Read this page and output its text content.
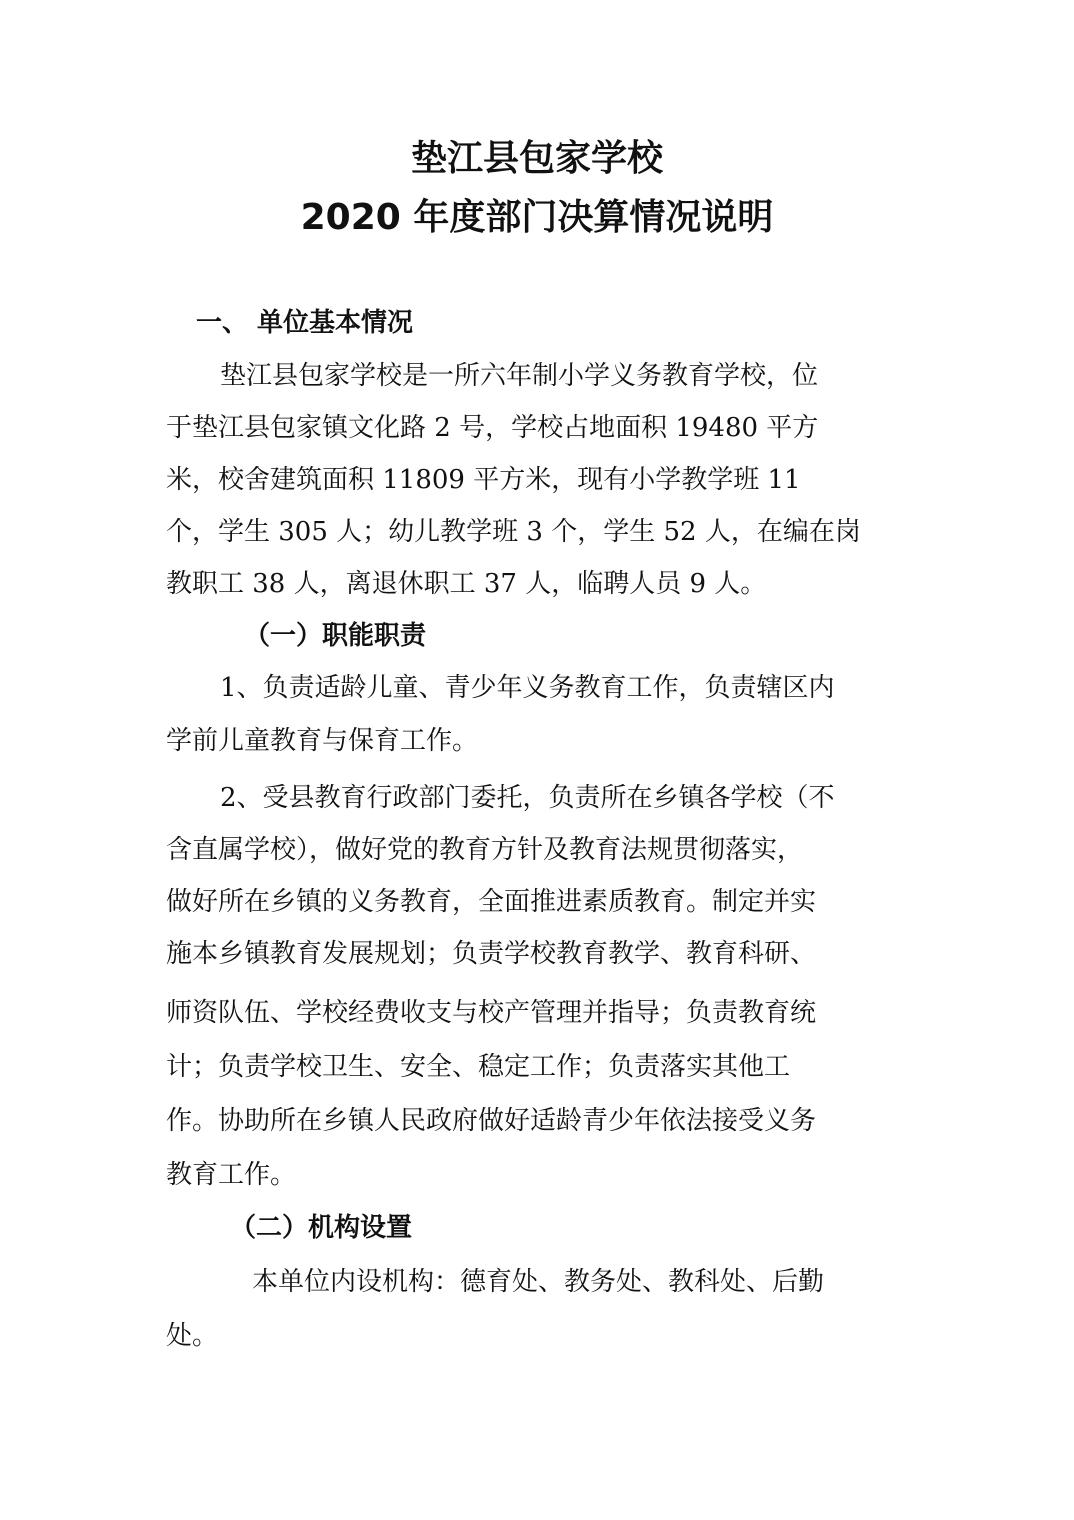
垫江县包家学校
2020 年度部门决算情况说明
一、 单位基本情况
垫江县包家学校是一所六年制小学义务教育学校，位
于垫江县包家镇文化路 2 号，学校占地面积 19480 平方
米，校舍建筑面积 11809 平方米，现有小学教学班 11
个，学生 305 人；幼儿教学班 3 个，学生 52 人，在编在岗
教职工 38 人，离退休职工 37 人，临聘人员 9 人。
（一）职能职责
1、负责适龄儿童、青少年义务教育工作，负责辖区内
学前儿童教育与保育工作。
2、受县教育行政部门委托，负责所在乡镇各学校（不
含直属学校），做好党的教育方针及教育法规贯彻落实，
做好所在乡镇的义务教育，全面推进素质教育。制定并实
施本乡镇教育发展规划；负责学校教育教学、教育科研、
师资队伍、学校经费收支与校产管理并指导；负责教育统
计；负责学校卫生、安全、稳定工作；负责落实其他工
作。协助所在乡镇人民政府做好适龄青少年依法接受义务
教育工作。
（二）机构设置
本单位内设机构：德育处、教务处、教科处、后勤
处。
